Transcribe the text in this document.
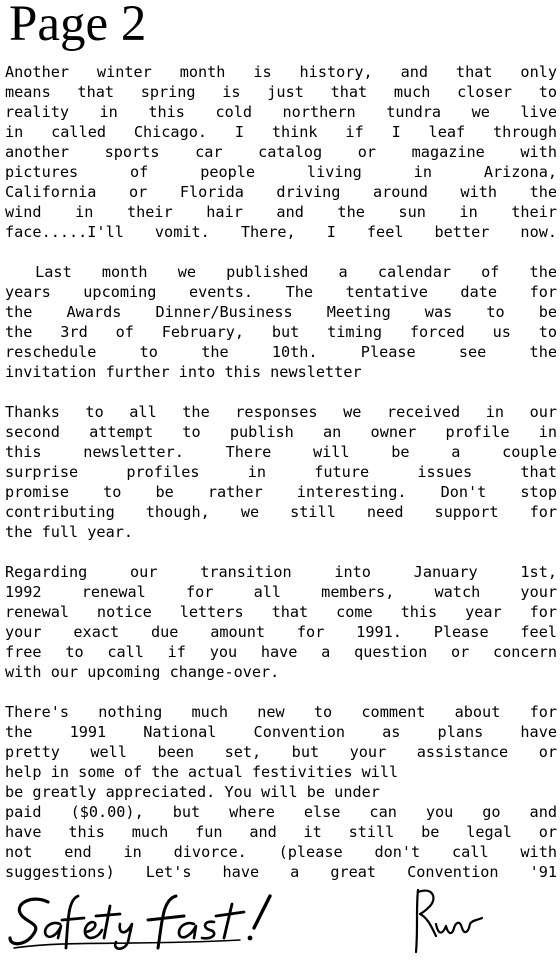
Page 2
Another winter month is history, and that only
means that spring is just that much closer to
reality in this cold northern tundra we live
in called Chicago. I think if I leaf through
another sports car catalog or magazine with
pictures of people living in Arizona,
California or Florida driving around with the
wind in their hair and the sun in their
face.....I'll vomit. There, I feel better now.
Last month we published a calendar of the
years upcoming events. The tentative date for
the Awards Dinner/Business Meeting was to be
the 3rd of February, but timing forced us to
reschedule to the 10th. Please see the
invitation further into this newsletter
Thanks to all the responses we received in our
second attempt to publish an owner profile in
this newsletter. There will be a couple
surprise profiles in future issues that
promise to be rather interesting. Don't stop
contributing though, we still need support for
the full year.
Regarding our transition into January 1st,
1992 renewal for all members, watch your
renewal notice letters that come this year for
your exact due amount for 1991. Please feel
free to call if you have a question or concern
with our upcoming change-over.
There's nothing much new to comment about for
the 1991 National Convention as plans have
pretty well been set, but your assistance or
help in some of the actual festivities will
be greatly appreciated. You will be under
paid ($0.00), but where else can you go and
have this much fun and it still be legal or
not end in divorce. (please don't call with
suggestions) Let's have a great Convention '91
